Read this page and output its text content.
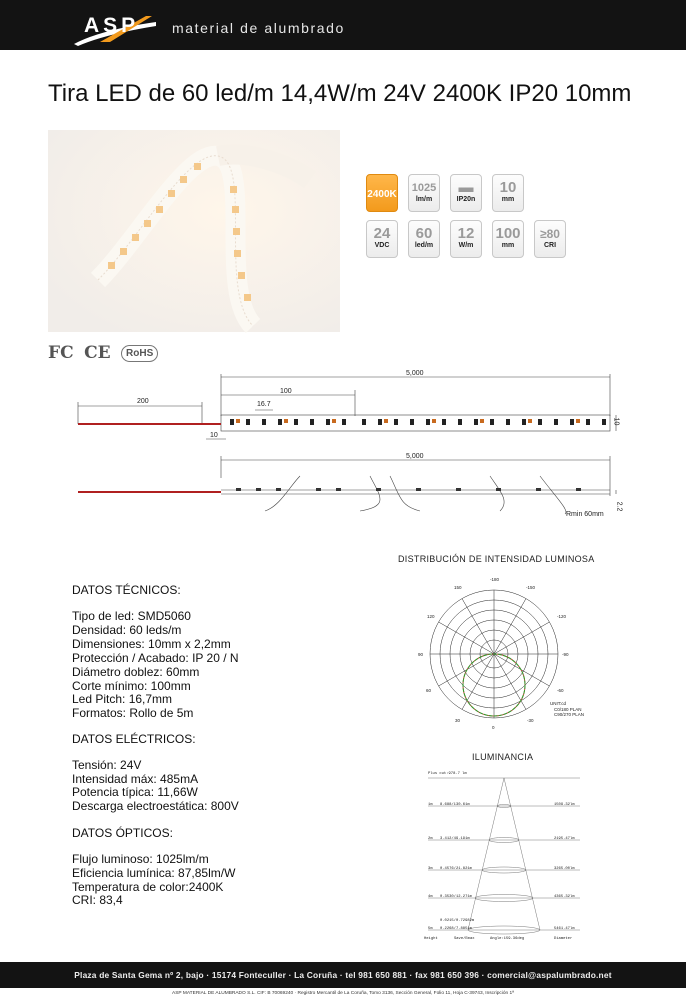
ASP material de alumbrado
Tira LED de 60 led/m 14,4W/m 24V 2400K IP20 10mm
2400K
1025
lm/m
▬
IP20n
10
mm
24
VDC
60
led/m
12
W/m
100
mm
≥80
CRI
FC CE RoHS
5,000
100
16.7
200
10
10
5,000
2.2
Rmin 60mm
DATOS TÉCNICOS:
Tipo de led: SMD5060
Densidad: 60 leds/m
Dimensiones: 10mm x 2,2mm
Protección / Acabado: IP 20 / N
Diámetro doblez: 60mm
Corte mínimo: 100mm
Led Pitch: 16,7mm
Formatos: Rollo de 5m
DATOS ELÉCTRICOS:
Tensión: 24V
Intensidad máx: 485mA
Potencia típica: 11,66W
Descarga electroestática: 800V
DATOS ÓPTICOS:
Flujo luminoso: 1025lm/m
Eficiencia lumínica: 87,85lm/W
Temperatura de color:2400K
CRI: 83,4
DISTRIBUCIÓN DE INTENSIDAD LUMINOSA
-180
150
120
90
60
30
0
-30
-60
-90
-120
-150
UNIT:cd
C0/180 PLAN
C90/270 PLAN
ILUMINANCIA
Plus cut:978.7 lm
1m 8.688/130.61m	1509.32lm
2m 3.412/49.191m	2195.47lm
3m 0.4576/21.821m	3265.00lm
4m 0.3530/12.271m	4365.32lm
0.0215/0.72982m
5m 0.2268/7.8851m	5461.47lm
Height	Save/Emax	Angle:159.36deg	Diameter
Plaza de Santa Gema nº 2, bajo · 15174 Fonteculler · La Coruña · tel 981 650 881 · fax 981 650 396 · comercial@aspalumbrado.net
ASP MATERIAL DE ALUMBRADO S.L. CIF: B 70069240 · Registro Mercantil de La Coruña, Tomo 3136, Sección General, Folio 11, Hoja C-39743, Inscripción 1ª
